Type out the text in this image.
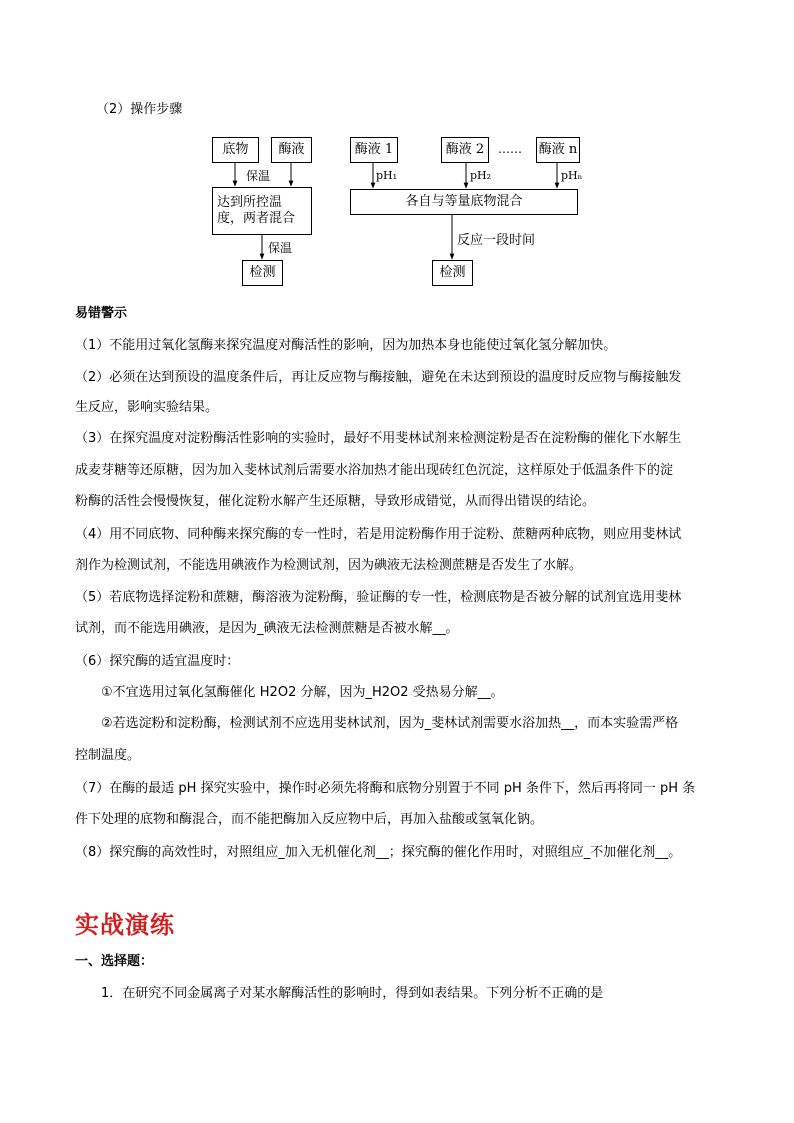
（2）操作步骤
底物	酶液
达到所控温度，两者混合
检测
保温
保温
酶液 1	酶液 2	…… 酶液 n
pH₁	pH₂	pHₙ
各自与等量底物混合
反应一段时间
检测
易错警示
（1）不能用过氧化氢酶来探究温度对酶活性的影响，因为加热本身也能使过氧化氢分解加快。
（2）必须在达到预设的温度条件后，再让反应物与酶接触，避免在未达到预设的温度时反应物与酶接触发
生反应，影响实验结果。
（3）在探究温度对淀粉酶活性影响的实验时，最好不用斐林试剂来检测淀粉是否在淀粉酶的催化下水解生
成麦芽糖等还原糖，因为加入斐林试剂后需要水浴加热才能出现砖红色沉淀，这样原处于低温条件下的淀
粉酶的活性会慢慢恢复，催化淀粉水解产生还原糖，导致形成错觉，从而得出错误的结论。
（4）用不同底物、同种酶来探究酶的专一性时，若是用淀粉酶作用于淀粉、蔗糖两种底物，则应用斐林试
剂作为检测试剂，不能选用碘液作为检测试剂，因为碘液无法检测蔗糖是否发生了水解。
（5）若底物选择淀粉和蔗糖，酶溶液为淀粉酶，验证酶的专一性，检测底物是否被分解的试剂宜选用斐林
试剂，而不能选用碘液，是因为_碘液无法检测蔗糖是否被水解__。
（6）探究酶的适宜温度时：
①不宜选用过氧化氢酶催化 H2O2 分解，因为_H2O2 受热易分解__。
②若选淀粉和淀粉酶，检测试剂不应选用斐林试剂，因为_斐林试剂需要水浴加热__，而本实验需严格
控制温度。
（7）在酶的最适 pH 探究实验中，操作时必须先将酶和底物分别置于不同 pH 条件下，然后再将同一 pH 条
件下处理的底物和酶混合，而不能把酶加入反应物中后，再加入盐酸或氢氧化钠。
（8）探究酶的高效性时，对照组应_加入无机催化剂__；探究酶的催化作用时，对照组应_不加催化剂__。
实战演练
一、选择题：
1．在研究不同金属离子对某水解酶活性的影响时，得到如表结果。下列分析不正确的是
